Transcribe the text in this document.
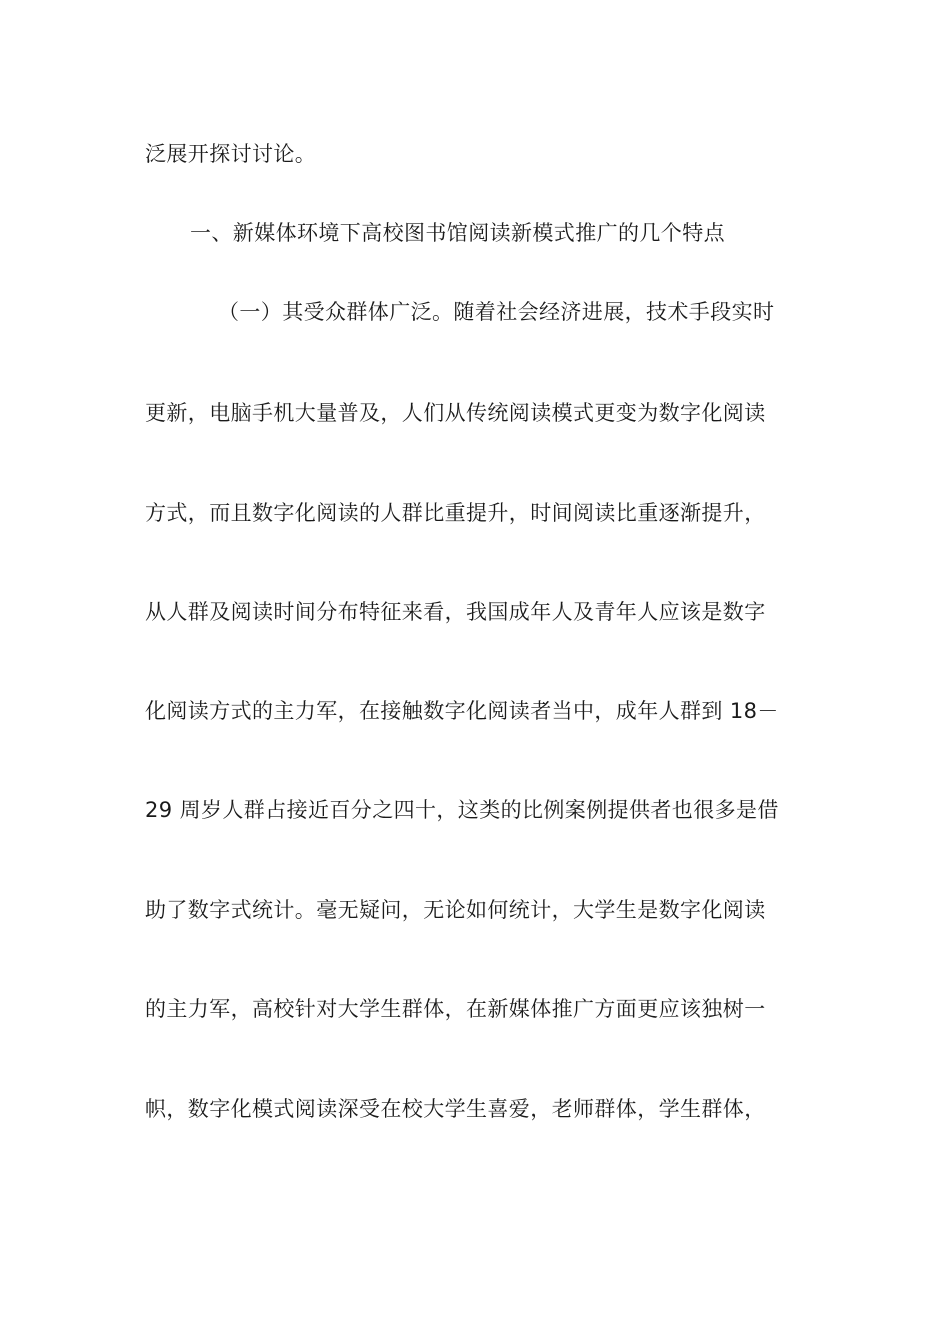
泛展开探讨讨论。
一、新媒体环境下高校图书馆阅读新模式推广的几个特点
（一）其受众群体广泛。随着社会经济进展，技术手段实时
更新，电脑手机大量普及，人们从传统阅读模式更变为数字化阅读
方式，而且数字化阅读的人群比重提升，时间阅读比重逐渐提升，
从人群及阅读时间分布特征来看，我国成年人及青年人应该是数字
化阅读方式的主力军，在接触数字化阅读者当中，成年人群到 18－
29 周岁人群占接近百分之四十，这类的比例案例提供者也很多是借
助了数字式统计。毫无疑问，无论如何统计，大学生是数字化阅读
的主力军，高校针对大学生群体，在新媒体推广方面更应该独树一
帜，数字化模式阅读深受在校大学生喜爱，老师群体，学生群体，
